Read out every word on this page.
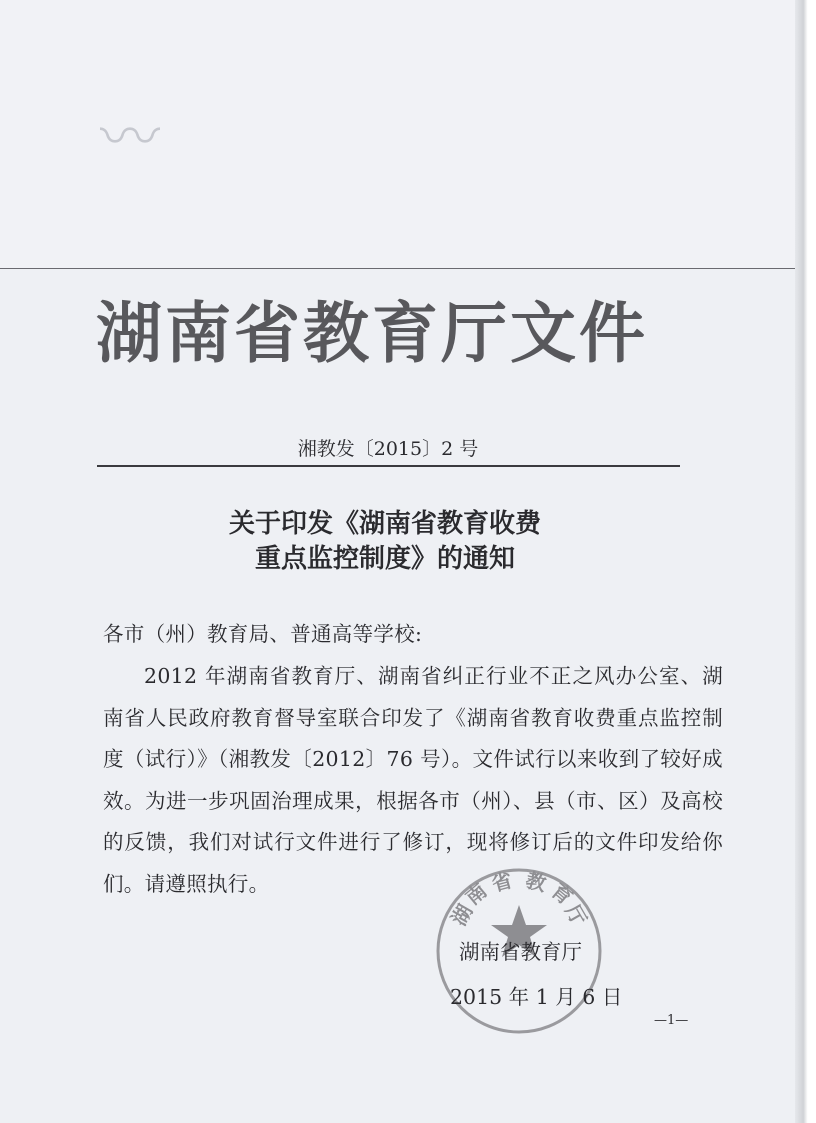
〰
湖南省教育厅文件
湘教发〔2015〕2 号
关于印发《湖南省教育收费
重点监控制度》的通知
各市（州）教育局、普通高等学校:
2012 年湖南省教育厅、湖南省纠正行业不正之风办公室、湖南省人民政府教育督导室联合印发了《湖南省教育收费重点监控制度（试行）》（湘教发〔2012〕76 号）。文件试行以来收到了较好成效。为进一步巩固治理成果，根据各市（州）、县（市、区）及高校的反馈，我们对试行文件进行了修订，现将修订后的文件印发给你们。请遵照执行。
湖
南
省 教
育
厅
湖南省教育厅
2015 年 1 月 6 日
—1—
